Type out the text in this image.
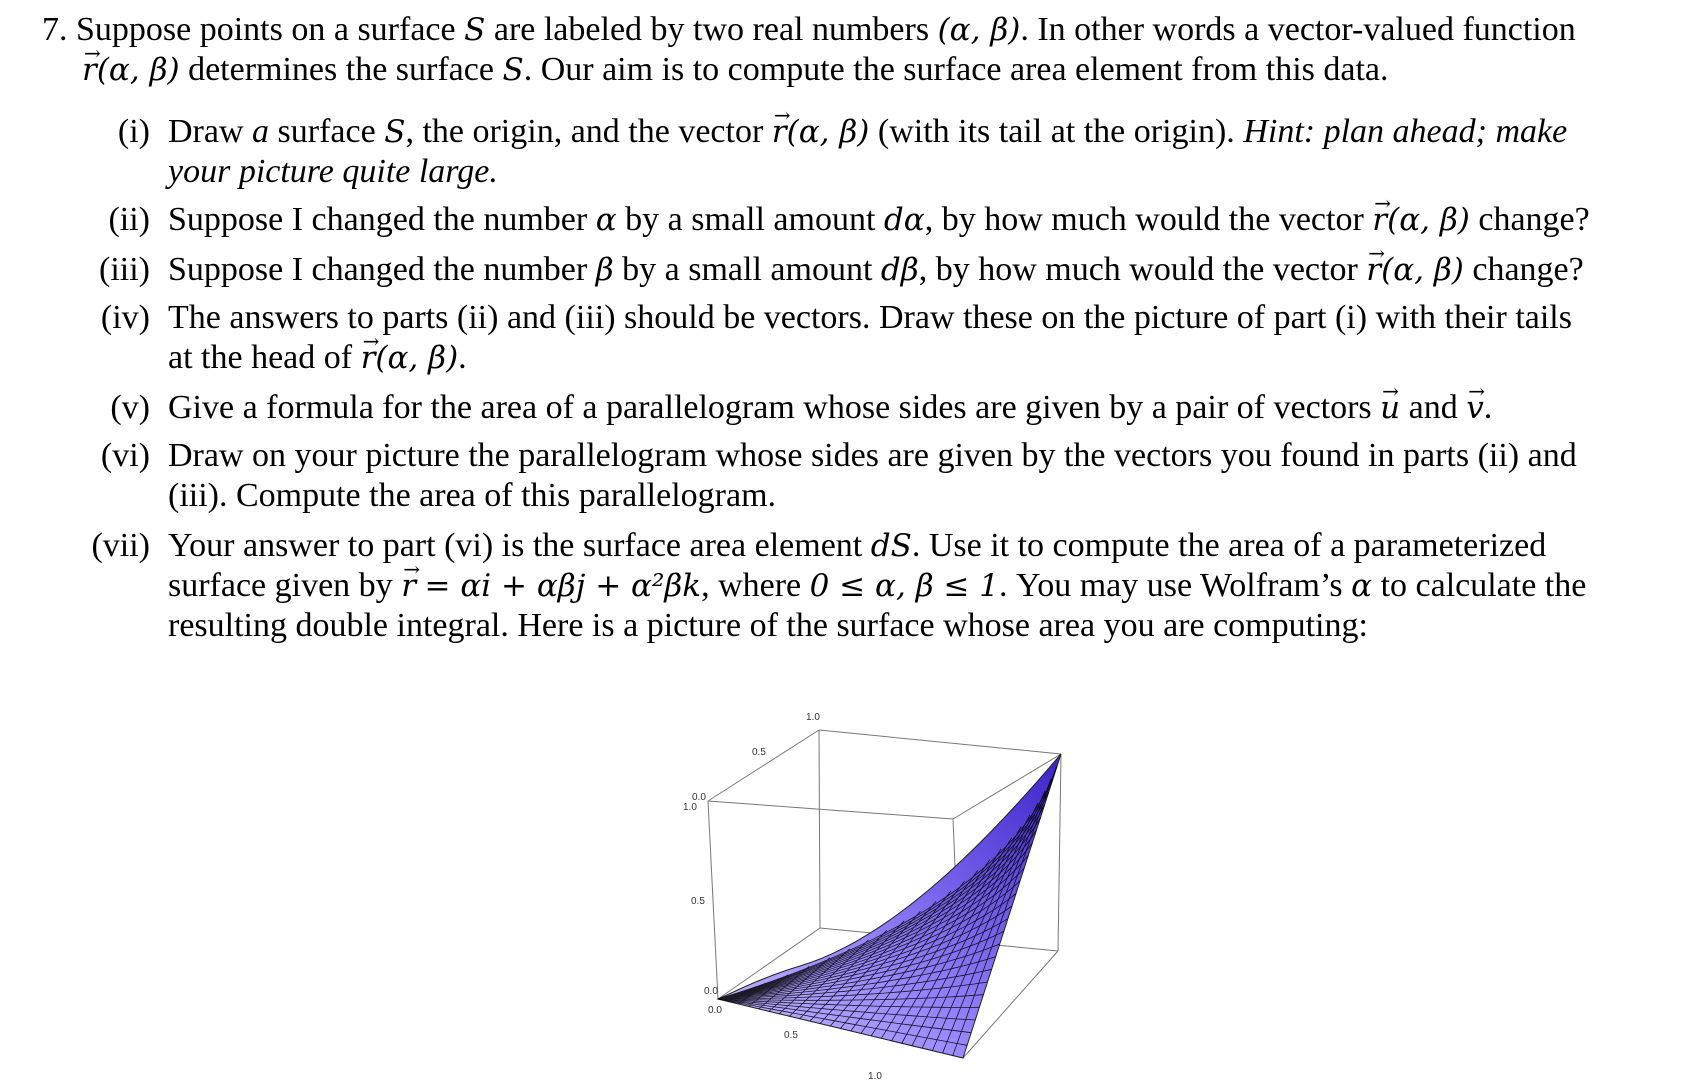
7. Suppose points on a surface S are labeled by two real numbers (α, β). In other words a vector-valued function
→ r(α, β) determines the surface S. Our aim is to compute the surface area element from this data.
(i) Draw a surface S, the origin, and the vector → r(α, β) (with its tail at the origin). Hint: plan ahead; make
your picture quite large.
(ii) Suppose I changed the number α by a small amount dα, by how much would the vector → r(α, β) change?
(iii) Suppose I changed the number β by a small amount dβ, by how much would the vector → r(α, β) change?
(iv) The answers to parts (ii) and (iii) should be vectors. Draw these on the picture of part (i) with their tails
at the head of → r(α, β).
(v) Give a formula for the area of a parallelogram whose sides are given by a pair of vectors → u and → v.
(vi) Draw on your picture the parallelogram whose sides are given by the vectors you found in parts (ii) and
(iii). Compute the area of this parallelogram.
(vii) Your answer to part (vi) is the surface area element dS. Use it to compute the area of a parameterized
surface given by → r = αi + αβj + α²βk, where 0 ≤ α, β ≤ 1. You may use Wolfram’s α to calculate the
resulting double integral. Here is a picture of the surface whose area you are computing:
1.0
0.5
0.0
1.0
0.5
0.0
0.0
0.5
1.0
